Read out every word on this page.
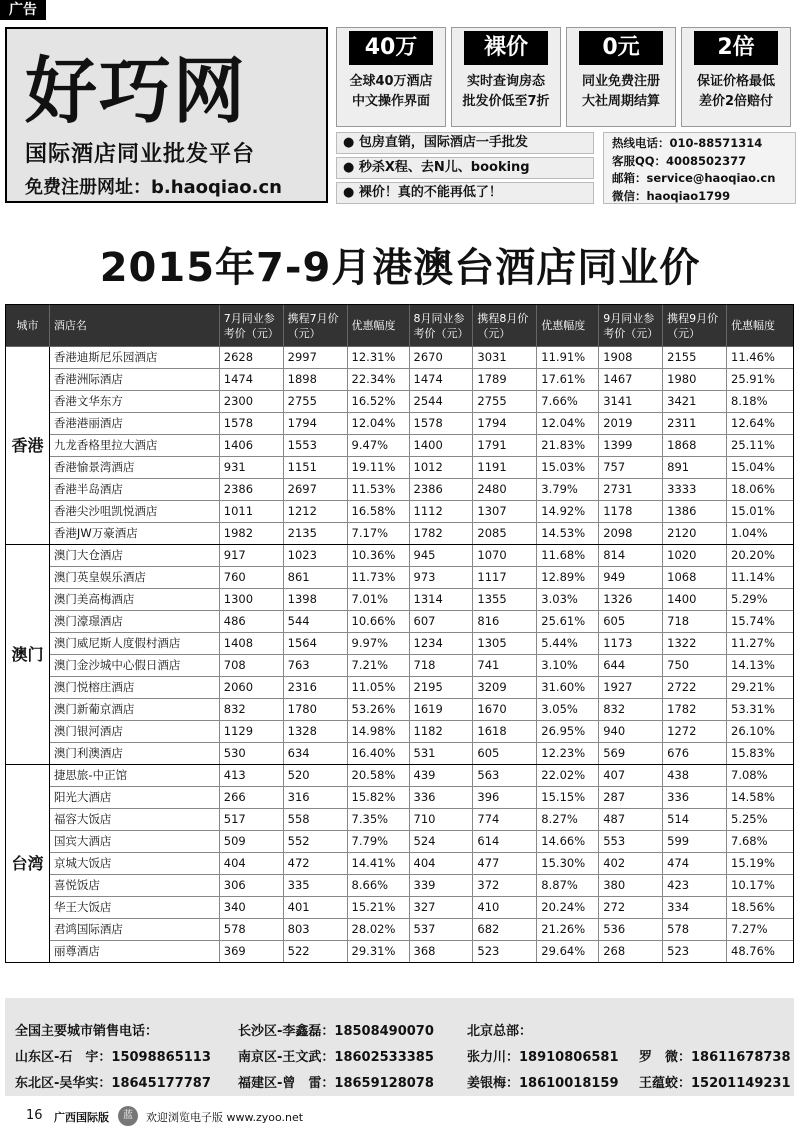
广告
好巧网
国际酒店同业批发平台
免费注册网址：b.haoqiao.cn
40万
全球40万酒店
中文操作界面
裸价
实时查询房态
批发价低至7折
0元
同业免费注册
大社周期结算
2倍
保证价格最低
差价2倍赔付
● 包房直销，国际酒店一手批发
● 秒杀X程、去N儿、booking
● 裸价！真的不能再低了！
热线电话：010-88571314
客服QQ：4008502377
邮箱：service@haoqiao.cn
微信：haoqiao1799
2015年7-9月港澳台酒店同业价
城市	酒店名	7月同业参考价（元）	携程7月价（元）	优惠幅度	8月同业参考价（元）	携程8月价（元）	优惠幅度	9月同业参考价（元）	携程9月价（元）	优惠幅度
香港	香港迪斯尼乐园酒店	2628	2997	12.31%	2670	3031	11.91%	1908	2155	11.46%
	香港洲际酒店	1474	1898	22.34%	1474	1789	17.61%	1467	1980	25.91%
	香港文华东方	2300	2755	16.52%	2544	2755	7.66%	3141	3421	8.18%
	香港港丽酒店	1578	1794	12.04%	1578	1794	12.04%	2019	2311	12.64%
	九龙香格里拉大酒店	1406	1553	9.47%	1400	1791	21.83%	1399	1868	25.11%
	香港愉景湾酒店	931	1151	19.11%	1012	1191	15.03%	757	891	15.04%
	香港半岛酒店	2386	2697	11.53%	2386	2480	3.79%	2731	3333	18.06%
	香港尖沙咀凯悦酒店	1011	1212	16.58%	1112	1307	14.92%	1178	1386	15.01%
	香港JW万豪酒店	1982	2135	7.17%	1782	2085	14.53%	2098	2120	1.04%
澳门	澳门大仓酒店	917	1023	10.36%	945	1070	11.68%	814	1020	20.20%
	澳门英皇娱乐酒店	760	861	11.73%	973	1117	12.89%	949	1068	11.14%
	澳门美高梅酒店	1300	1398	7.01%	1314	1355	3.03%	1326	1400	5.29%
	澳门濠璟酒店	486	544	10.66%	607	816	25.61%	605	718	15.74%
	澳门威尼斯人度假村酒店	1408	1564	9.97%	1234	1305	5.44%	1173	1322	11.27%
	澳门金沙城中心假日酒店	708	763	7.21%	718	741	3.10%	644	750	14.13%
	澳门悦榕庄酒店	2060	2316	11.05%	2195	3209	31.60%	1927	2722	29.21%
	澳门新葡京酒店	832	1780	53.26%	1619	1670	3.05%	832	1782	53.31%
	澳门银河酒店	1129	1328	14.98%	1182	1618	26.95%	940	1272	26.10%
	澳门利澳酒店	530	634	16.40%	531	605	12.23%	569	676	15.83%
台湾	捷思旅-中正馆	413	520	20.58%	439	563	22.02%	407	438	7.08%
	阳光大酒店	266	316	15.82%	336	396	15.15%	287	336	14.58%
	福容大饭店	517	558	7.35%	710	774	8.27%	487	514	5.25%
	国宾大酒店	509	552	7.79%	524	614	14.66%	553	599	7.68%
	京城大饭店	404	472	14.41%	404	477	15.30%	402	474	15.19%
	喜悦饭店	306	335	8.66%	339	372	8.87%	380	423	10.17%
	华王大饭店	340	401	15.21%	327	410	20.24%	272	334	18.56%
	君鸿国际酒店	578	803	28.02%	537	682	21.26%	536	578	7.27%
	丽尊酒店	369	522	29.31%	368	523	29.64%	268	523	48.76%
全国主要城市销售电话：
山东区-石　宇：15098865113
东北区-吴华实：18645177787
长沙区-李鑫磊：18508490070
南京区-王文武：18602533385
福建区-曾　雷：18659128078
北京总部：
张力川：18910806581
姜银梅：18610018159
罗　微：18611678738
王蕴蛟：15201149231
16 广西国际版	蓝	欢迎浏览电子版 www.zyoo.net
